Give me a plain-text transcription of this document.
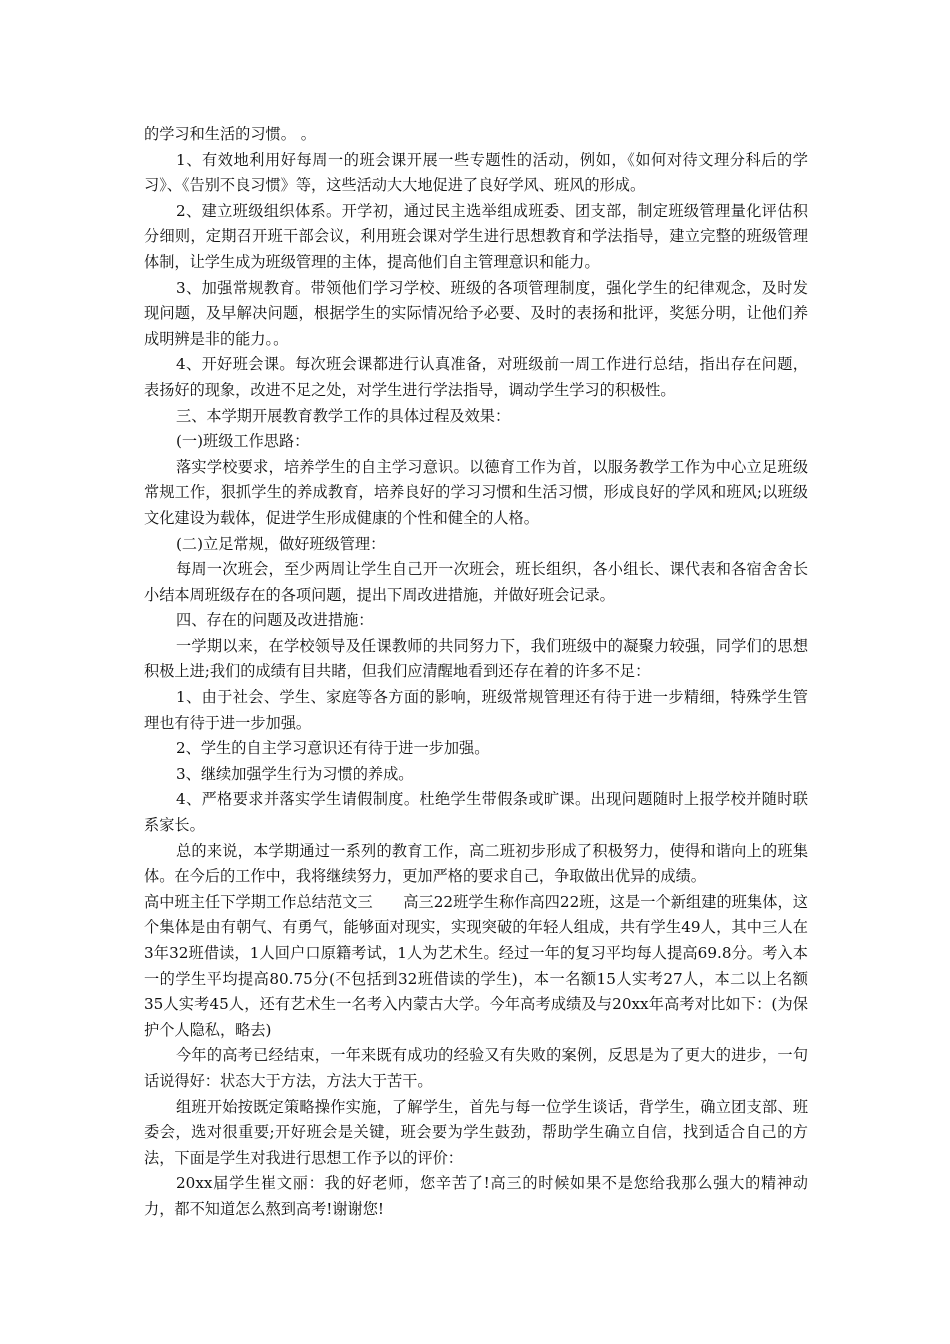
的学习和生活的习惯。 。

1、有效地利用好每周一的班会课开展一些专题性的活动，例如，《如何对待文理分科后的学习》、《告别不良习惯》等，这些活动大大地促进了良好学风、班风的形成。

2、建立班级组织体系。开学初，通过民主选举组成班委、团支部，制定班级管理量化评估积分细则，定期召开班干部会议，利用班会课对学生进行思想教育和学法指导，建立完整的班级管理体制，让学生成为班级管理的主体，提高他们自主管理意识和能力。

3、加强常规教育。带领他们学习学校、班级的各项管理制度，强化学生的纪律观念，及时发现问题，及早解决问题，根据学生的实际情况给予必要、及时的表扬和批评，奖惩分明，让他们养成明辨是非的能力。。

4、开好班会课。每次班会课都进行认真准备，对班级前一周工作进行总结，指出存在问题，表扬好的现象，改进不足之处，对学生进行学法指导，调动学生学习的积极性。

三、本学期开展教育教学工作的具体过程及效果：

(一)班级工作思路：

落实学校要求，培养学生的自主学习意识。以德育工作为首，以服务教学工作为中心立足班级常规工作，狠抓学生的养成教育，培养良好的学习习惯和生活习惯，形成良好的学风和班风;以班级文化建设为载体，促进学生形成健康的个性和健全的人格。

(二)立足常规，做好班级管理：

每周一次班会，至少两周让学生自己开一次班会，班长组织，各小组长、课代表和各宿舍舍长小结本周班级存在的各项问题，提出下周改进措施，并做好班会记录。

四、存在的问题及改进措施：

一学期以来，在学校领导及任课教师的共同努力下，我们班级中的凝聚力较强，同学们的思想积极上进;我们的成绩有目共睹，但我们应清醒地看到还存在着的许多不足：

1、由于社会、学生、家庭等各方面的影响，班级常规管理还有待于进一步精细，特殊学生管理也有待于进一步加强。

2、学生的自主学习意识还有待于进一步加强。

3、继续加强学生行为习惯的养成。

4、严格要求并落实学生请假制度。杜绝学生带假条或旷课。出现问题随时上报学校并随时联系家长。

总的来说，本学期通过一系列的教育工作，高二班初步形成了积极努力，使得和谐向上的班集体。在今后的工作中，我将继续努力，更加严格的要求自己，争取做出优异的成绩。

高中班主任下学期工作总结范文三　　高三22班学生称作高四22班，这是一个新组建的班集体，这个集体是由有朝气、有勇气，能够面对现实，实现突破的年轻人组成，共有学生49人，其中三人在3年32班借读，1人回户口原籍考试，1人为艺术生。经过一年的复习平均每人提高69.8分。考入本一的学生平均提高80.75分(不包括到32班借读的学生)，本一名额15人实考27人，本二以上名额35人实考45人，还有艺术生一名考入内蒙古大学。今年高考成绩及与20xx年高考对比如下：(为保护个人隐私，略去)

今年的高考已经结束，一年来既有成功的经验又有失败的案例，反思是为了更大的进步，一句话说得好：状态大于方法，方法大于苦干。

组班开始按既定策略操作实施，了解学生，首先与每一位学生谈话，背学生，确立团支部、班委会，选对很重要;开好班会是关键，班会要为学生鼓劲，帮助学生确立自信，找到适合自己的方法，下面是学生对我进行思想工作予以的评价：

20xx届学生崔文丽：我的好老师，您辛苦了!高三的时候如果不是您给我那么强大的精神动力，都不知道怎么熬到高考!谢谢您!
